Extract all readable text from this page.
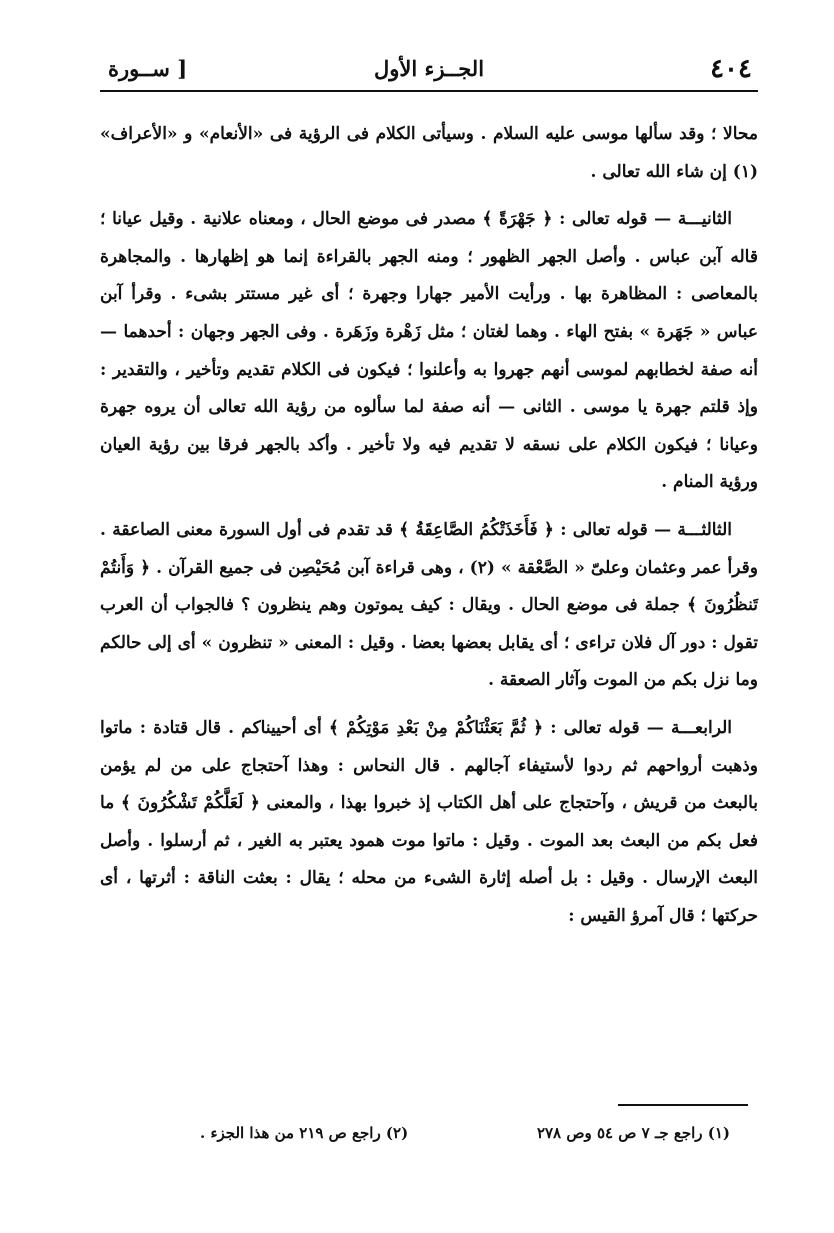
٤٠٤
الجــزء الأول
[ ســورة

محالا ؛ وقد سألها موسى عليه السلام . وسيأتى الكلام فى الرؤية فى «الأنعام» و «الأعراف» (١) إن شاء الله تعالى .

الثانيـــة — قوله تعالى : ﴿ جَهْرَةً ﴾ مصدر فى موضع الحال ، ومعناه علانية . وقيل عيانا ؛ قاله آبن عباس . وأصل الجهر الظهور ؛ ومنه الجهر بالقراءة إنما هو إظهارها . والمجاهرة بالمعاصى : المظاهرة بها . ورأيت الأمير جهارا وجهرة ؛ أى غير مستتر بشىء . وقرأ آبن عباس « جَهَرة » بفتح الهاء . وهما لغتان ؛ مثل زَهْرة وزَهَرة . وفى الجهر وجهان : أحدهما — أنه صفة لخطابهم لموسى أنهم جهروا به وأعلنوا ؛ فيكون فى الكلام تقديم وتأخير ، والتقدير : وإذ قلتم جهرة يا موسى . الثانى — أنه صفة لما سألوه من رؤية الله تعالى أن يروه جهرة وعيانا ؛ فيكون الكلام على نسقه لا تقديم فيه ولا تأخير . وأكد بالجهر فرقا بين رؤية العيان ورؤية المنام .

الثالثـــة — قوله تعالى : ﴿ فَأَخَذَتْكُمُ الصَّاعِقَةُ ﴾ قد تقدم فى أول السورة معنى الصاعقة . وقرأ عمر وعثمان وعلىّ « الصَّعْقة » (٢) ، وهى قراءة آبن مُحَيْصِن فى جميع القرآن . ﴿ وَأَنتُمْ تَنظُرُونَ ﴾ جملة فى موضع الحال . ويقال : كيف يموتون وهم ينظرون ؟ فالجواب أن العرب تقول : دور آل فلان تراءى ؛ أى يقابل بعضها بعضا . وقيل : المعنى « تنظرون » أى إلى حالكم وما نزل بكم من الموت وآثار الصعقة .

الرابعـــة — قوله تعالى : ﴿ ثُمَّ بَعَثْنَاكُمْ مِنْ بَعْدِ مَوْتِكُمْ ﴾ أى أحييناكم . قال قتادة : ماتوا وذهبت أرواحهم ثم ردوا لأستيفاء آجالهم . قال النحاس : وهذا آحتجاج على من لم يؤمن بالبعث من قريش ، وآحتجاج على أهل الكتاب إذ خبروا بهذا ، والمعنى ﴿ لَعَلَّكُمْ تَشْكُرُونَ ﴾ ما فعل بكم من البعث بعد الموت . وقيل : ماتوا موت همود يعتبر به الغير ، ثم أرسلوا . وأصل البعث الإرسال . وقيل : بل أصله إثارة الشىء من محله ؛ يقال : بعثت الناقة : أثرتها ، أى حركتها ؛ قال آمرؤ القيس :

(١) راجع جـ ٧ ص ٥٤ وص ٢٧٨
(٢) راجع ص ٢١٩ من هذا الجزء .
